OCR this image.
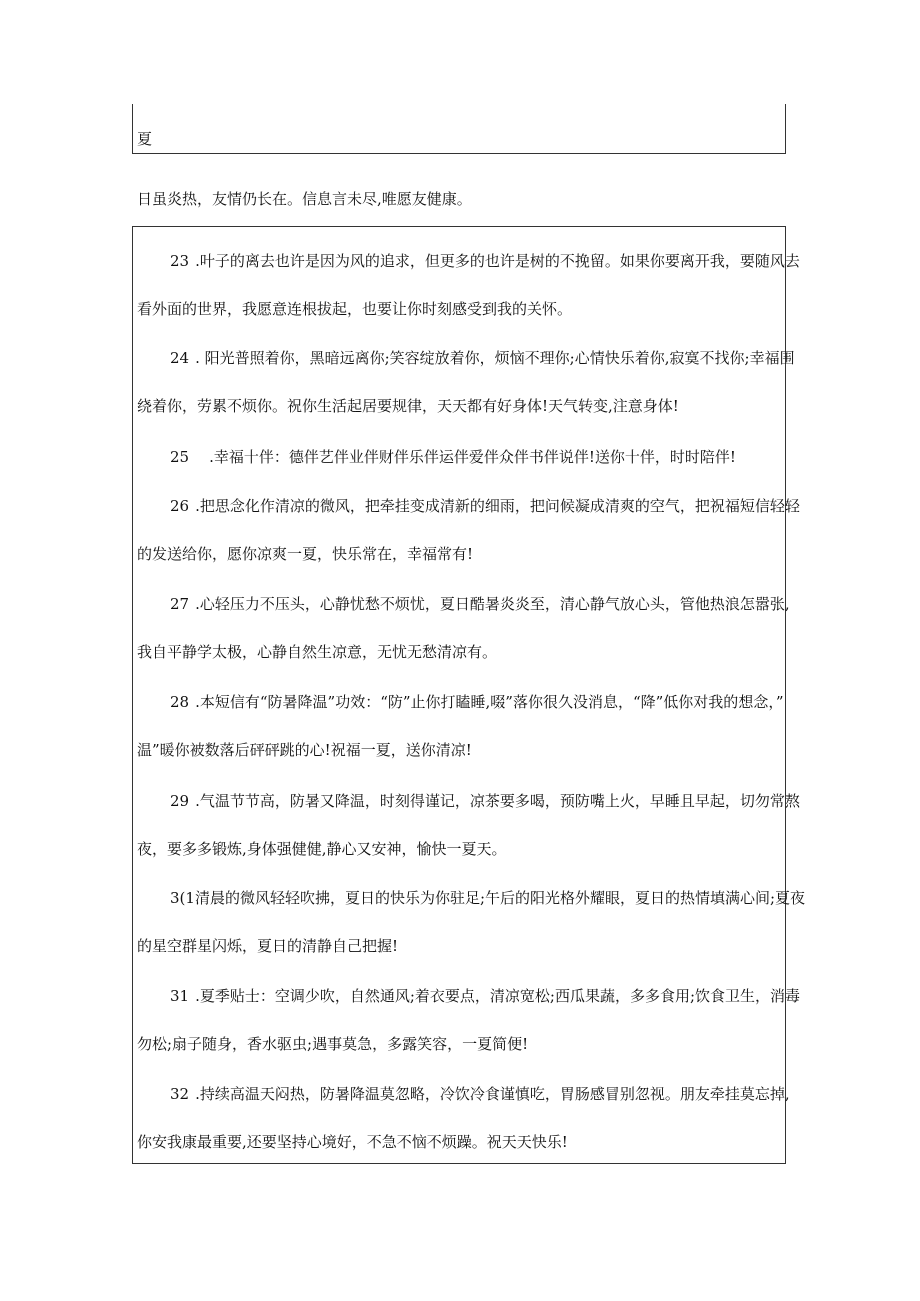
夏
日虽炎热，友情仍长在。信息言未尽,唯愿友健康。
23 .叶子的离去也许是因为风的追求，但更多的也许是树的不挽留。如果你要离开我，要随风去
看外面的世界，我愿意连根拔起，也要让你时刻感受到我的关怀。
24 . 阳光普照着你，黑暗远离你;笑容绽放着你，烦恼不理你;心情快乐着你,寂寞不找你;幸福围
绕着你，劳累不烦你。祝你生活起居要规律，天天都有好身体!天气转变,注意身体!
25 .幸福十伴：德伴艺伴业伴财伴乐伴运伴爱伴众伴书伴说伴!送你十伴，时时陪伴!
26 .把思念化作清凉的微风，把牵挂变成清新的细雨，把问候凝成清爽的空气，把祝福短信轻轻
的发送给你，愿你凉爽一夏，快乐常在，幸福常有!
27 .心轻压力不压头，心静忧愁不烦忧，夏日酷暑炎炎至，清心静气放心头，管他热浪怎嚣张,
我自平静学太极，心静自然生凉意，无忧无愁清凉有。
28 .本短信有“防暑降温”功效：“防”止你打瞌睡,啜”落你很久没消息，“降”低你对我的想念，”
温”暖你被数落后砰砰跳的心!祝福一夏，送你清凉!
29 .气温节节高，防暑又降温，时刻得谨记，凉茶要多喝，预防嘴上火，早睡且早起，切勿常熬
夜，要多多锻炼,身体强健健,静心又安神，愉快一夏天。
3(1清晨的微风轻轻吹拂，夏日的快乐为你驻足;午后的阳光格外耀眼，夏日的热情填满心间;夏夜
的星空群星闪烁，夏日的清静自己把握!
31 .夏季贴士：空调少吹，自然通风;着衣要点，清凉宽松;西瓜果蔬，多多食用;饮食卫生，消毒
勿松;扇子随身，香水驱虫;遇事莫急，多露笑容，一夏简便!
32 .持续高温天闷热，防暑降温莫忽略，冷饮冷食谨慎吃，胃肠感冒别忽视。朋友牵挂莫忘掉,
你安我康最重要,还要坚持心境好，不急不恼不烦躁。祝天天快乐!
